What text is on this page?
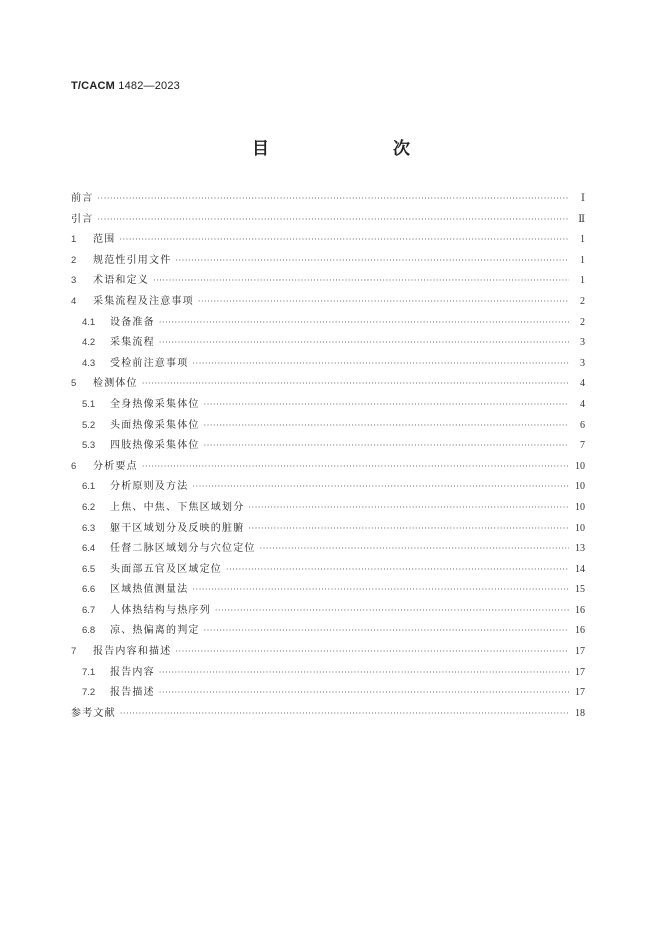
T/CACM 1482—2023
目　　次
前言 ·····	Ⅰ
引言 ·····	Ⅱ
1	范围 ·····	1
2	规范性引用文件 ·····	1
3	术语和定义 ·····	1
4	采集流程及注意事项 ·····	2
4.1	设备准备 ·····	2
4.2	采集流程 ·····	3
4.3	受检前注意事项 ·····	3
5	检测体位 ·····	4
5.1	全身热像采集体位 ·····	4
5.2	头面热像采集体位 ·····	6
5.3	四肢热像采集体位 ·····	7
6	分析要点 ·····	10
6.1	分析原则及方法 ·····	10
6.2	上焦、中焦、下焦区域划分 ·····	10
6.3	躯干区域划分及反映的脏腑 ·····	10
6.4	任督二脉区域划分与穴位定位 ·····	13
6.5	头面部五官及区域定位 ·····	14
6.6	区域热值测量法 ·····	15
6.7	人体热结构与热序列 ·····	16
6.8	凉、热偏离的判定 ·····	16
7	报告内容和描述 ·····	17
7.1	报告内容 ·····	17
7.2	报告描述 ·····	17
参考文献 ·····	18
